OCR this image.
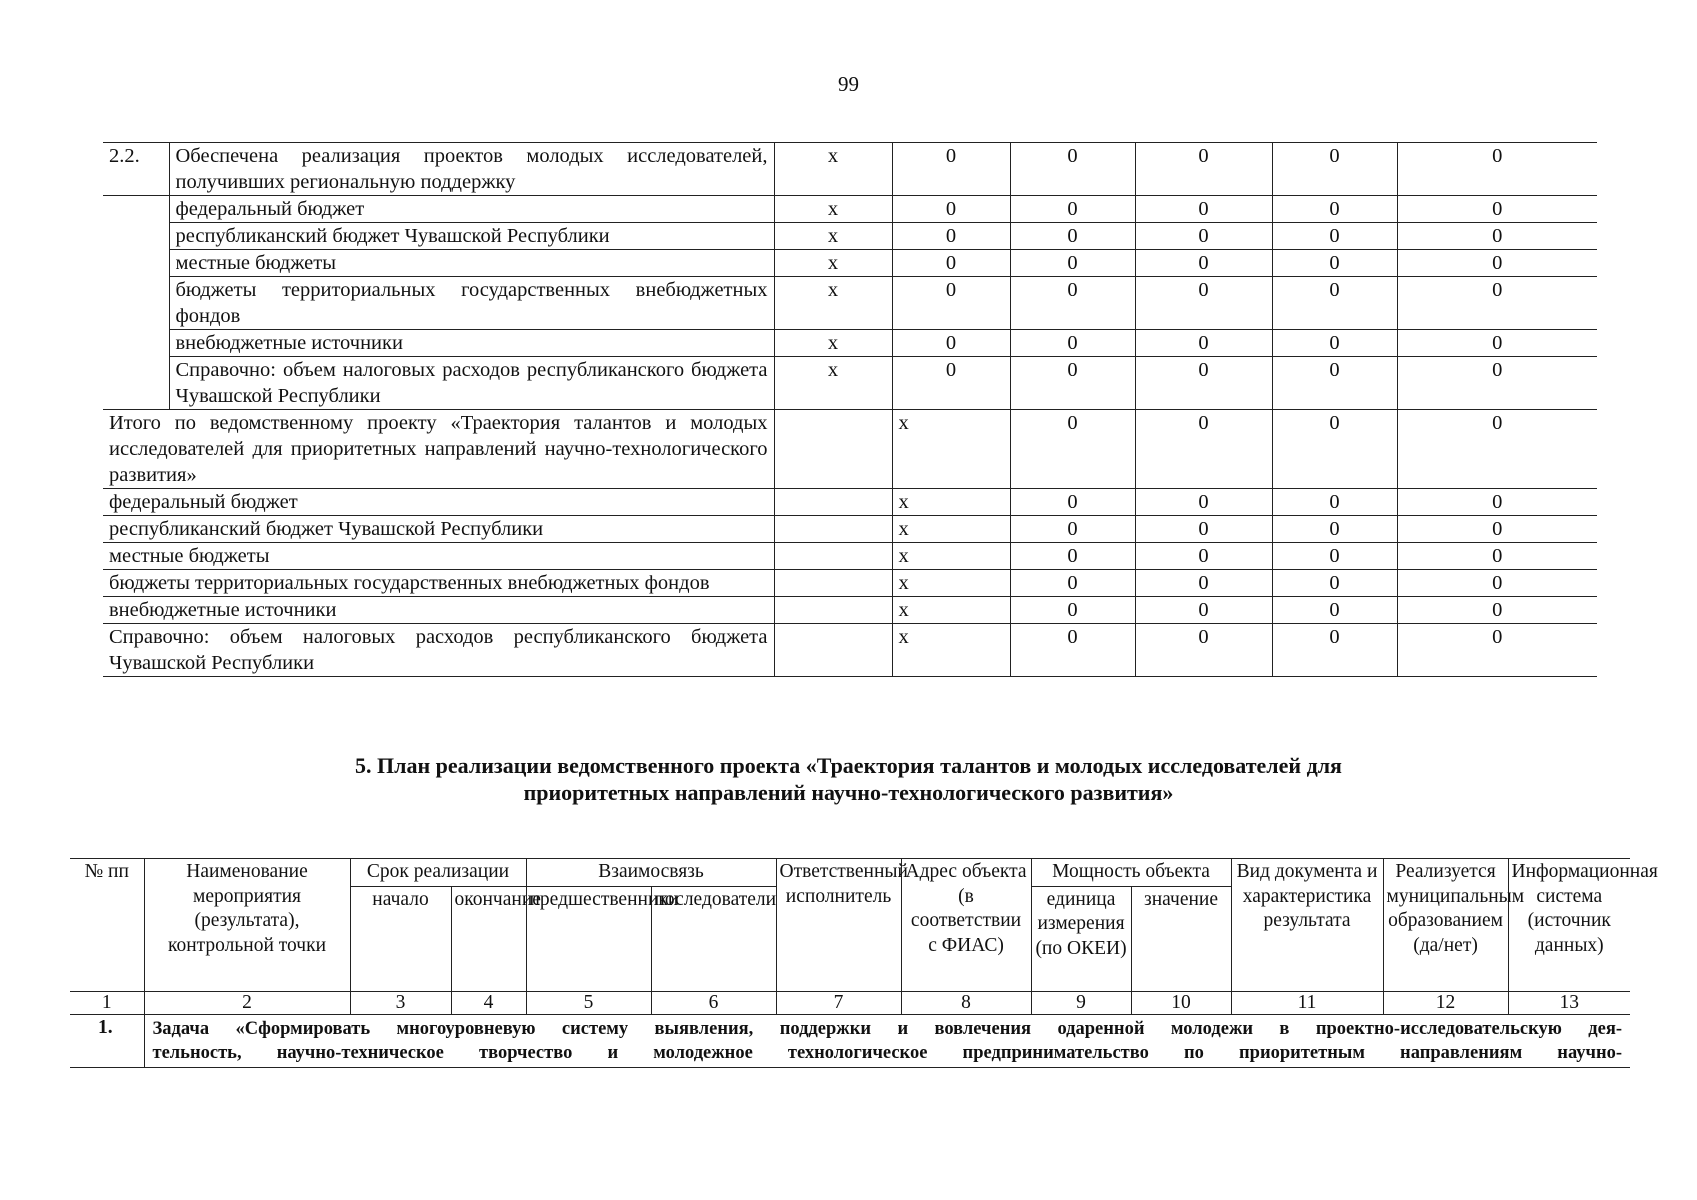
99
2.2.	Обеспечена реализация проектов молодых исследователей, получивших региональную поддержку	х	0	0	0	0	0
	федеральный бюджет	х	0	0	0	0	0
	республиканский бюджет Чувашской Республики	х	0	0	0	0	0
	местные бюджеты	х	0	0	0	0	0
	бюджеты территориальных государственных внебюджетных фондов	х	0	0	0	0	0
	внебюджетные источники	х	0	0	0	0	0
	Справочно: объем налоговых расходов республиканского бюджета Чувашской Республики	х	0	0	0	0	0
Итого по ведомственному проекту «Траектория талантов и молодых исследователей для приоритетных направлений научно-технологического развития»			х	0	0	0	0
федеральный бюджет			х	0	0	0	0
республиканский бюджет Чувашской Республики			х	0	0	0	0
местные бюджеты			х	0	0	0	0
бюджеты территориальных государственных внебюджетных фондов			х	0	0	0	0
внебюджетные источники			х	0	0	0	0
Справочно: объем налоговых расходов республиканского бюджета Чувашской Республики			х	0	0	0	0
5. План реализации ведомственного проекта «Траектория талантов и молодых исследователей для
приоритетных направлений научно-технологического развития»
№ пп	Наименование мероприятия (результата), контрольной точки	Срок реализации		Взаимосвязь		Ответственный исполнитель	Адрес объекта (в соответствии с ФИАС)	Мощность объекта		Вид документа и характеристика результата	Реализуется муниципальным образованием (да/нет)	Информационная система (источник данных)
		начало	окончание	предшественники	последователи			единица измерения (по ОКЕИ)	значение			
1	2	3	4	5	6	7	8	9	10	11	12	13
1.	Задача «Сформировать многоуровневую систему выявления, поддержки и вовлечения одаренной молодежи в проектно-исследовательскую дея-
тельность, научно-техническое творчество и молодежное технологическое предпринимательство по приоритетным направлениям научно-											
